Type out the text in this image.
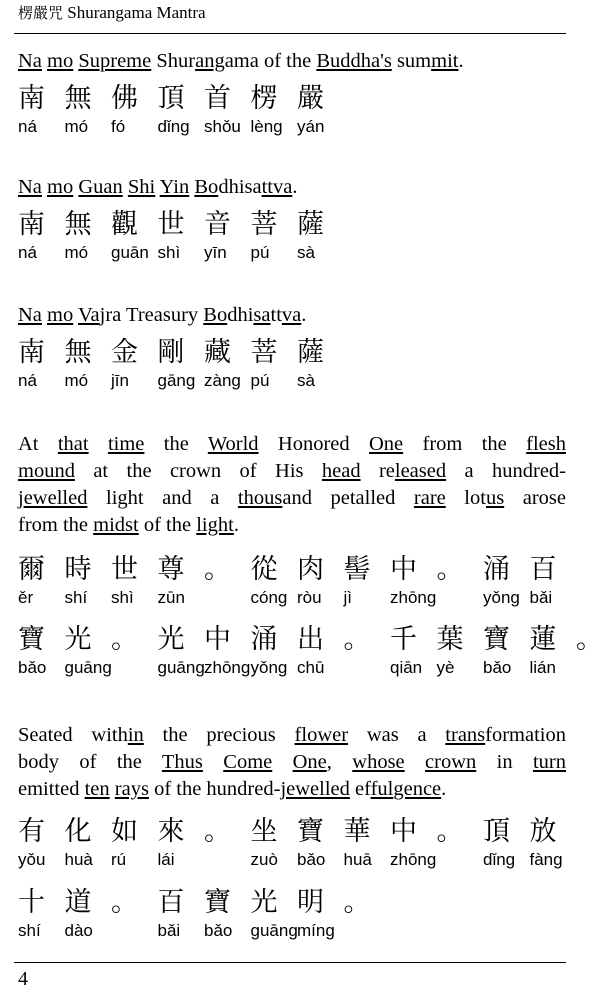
楞嚴咒 Shurangama Mantra
Na mo Supreme Shurangama of the Buddha's summit.
南 無 佛 頂 首 楞 嚴
ná mó fó dǐng shǒu lèng yán
Na mo Guan Shi Yin Bodhisattva.
南 無 觀 世 音 菩 薩
ná mó guān shì yīn pú sà
Na mo Vajra Treasury Bodhisattva.
南 無 金 剛 藏 菩 薩
ná mó jīn gāng zàng pú sà
At that time the World Honored One from the flesh
mound at the crown of His head released a hundred-
jewelled light and a thousand petalled rare lotus arose
from the midst of the light.
爾 時 世 尊 。 從 肉 髻 中 。 涌 百
ěr shí shì zūn	cóng ròu jì zhōng	yǒng bǎi
寶 光 。 光 中 涌 出 。 千 葉 寶 蓮 。
bǎo guāng	guāng zhōng yǒng chū	qiān yè bǎo lián
Seated within the precious flower was a transformation
body of the Thus Come One, whose crown in turn
emitted ten rays of the hundred-jewelled effulgence.
有 化 如 來 。 坐 寶 華 中 。 頂 放
yǒu huà rú lái	zuò bǎo huā zhōng	dǐng fàng
十 道 。 百 寶 光 明 。
shí dào	bǎi bǎo guāng míng
4
